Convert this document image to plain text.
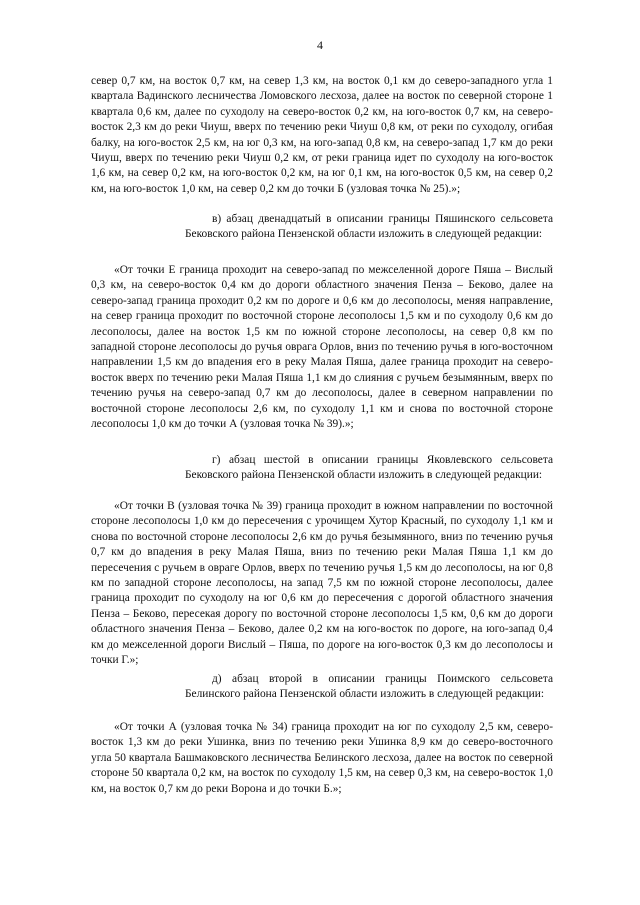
4

север 0,7 км, на восток 0,7 км, на север 1,3 км, на восток 0,1 км до северо-западного угла 1 квартала Вадинского лесничества Ломовского лесхоза, далее на восток по северной стороне 1 квартала 0,6 км, далее по суходолу на северо-восток 0,2 км, на юго-восток 0,7 км, на северо-восток 2,3 км до реки Чиуш, вверх по течению реки Чиуш 0,8 км, от реки по суходолу, огибая балку, на юго-восток 2,5 км, на юг 0,3 км, на юго-запад 0,8 км, на северо-запад 1,7 км до реки Чиуш, вверх по течению реки Чиуш 0,2 км, от реки граница идет по суходолу на юго-восток 1,6 км, на север 0,2 км, на юго-восток 0,2 км, на юг 0,1 км, на юго-восток 0,5 км, на север 0,2 км, на юго-восток 1,0 км, на север 0,2 км до точки Б (узловая точка № 25).»;

в) абзац двенадцатый в описании границы Пяшинского сельсовета Бековского района Пензенской области изложить в следующей редакции:
«От точки Е граница проходит на северо-запад по межселенной дороге Пяша – Вислый 0,3 км, на северо-восток 0,4 км до дороги областного значения Пенза – Беково, далее на северо-запад граница проходит 0,2 км по дороге и 0,6 км до лесополосы, меняя направление, на север граница проходит по восточной стороне лесополосы 1,5 км и по суходолу 0,6 км до лесополосы, далее на восток 1,5 км по южной стороне лесополосы, на север 0,8 км по западной стороне лесополосы до ручья оврага Орлов, вниз по течению ручья в юго-восточном направлении 1,5 км до впадения его в реку Малая Пяша, далее граница проходит на северо-восток вверх по течению реки Малая Пяша 1,1 км до слияния с ручьем безымянным, вверх по течению ручья на северо-запад 0,7 км до лесополосы, далее в северном направлении по восточной стороне лесополосы 2,6 км, по суходолу 1,1 км и снова по восточной стороне лесополосы 1,0 км до точки А (узловая точка № 39).»;
г) абзац шестой в описании границы Яковлевского сельсовета Бековского района Пензенской области изложить в следующей редакции:
«От точки В (узловая точка № 39) граница проходит в южном направлении по восточной стороне лесополосы 1,0 км до пересечения с урочищем Хутор Красный, по суходолу 1,1 км и снова по восточной стороне лесополосы 2,6 км до ручья безымянного, вниз по течению ручья 0,7 км до впадения в реку Малая Пяша, вниз по течению реки Малая Пяша 1,1 км до пересечения с ручьем в овраге Орлов, вверх по течению ручья 1,5 км до лесополосы, на юг 0,8 км по западной стороне лесополосы, на запад 7,5 км по южной стороне лесополосы, далее граница проходит по суходолу на юг 0,6 км до пересечения с дорогой областного значения Пенза – Беково, пересекая дорогу по восточной стороне лесополосы 1,5 км, 0,6 км до дороги областного значения Пенза – Беково, далее 0,2 км на юго-восток по дороге, на юго-запад 0,4 км до межселенной дороги Вислый – Пяша, по дороге на юго-восток 0,3 км до лесополосы и точки Г.»;
д) абзац второй в описании границы Поимского сельсовета Белинского района Пензенской области изложить в следующей редакции:
«От точки А (узловая точка № 34) граница проходит на юг по суходолу 2,5 км, северо-восток 1,3 км до реки Ушинка, вниз по течению реки Ушинка 8,9 км до северо-восточного угла 50 квартала Башмаковского лесничества Белинского лесхоза, далее на восток по северной стороне 50 квартала 0,2 км, на восток по суходолу 1,5 км, на север 0,3 км, на северо-восток 1,0 км, на восток 0,7 км до реки Ворона и до точки Б.»;
